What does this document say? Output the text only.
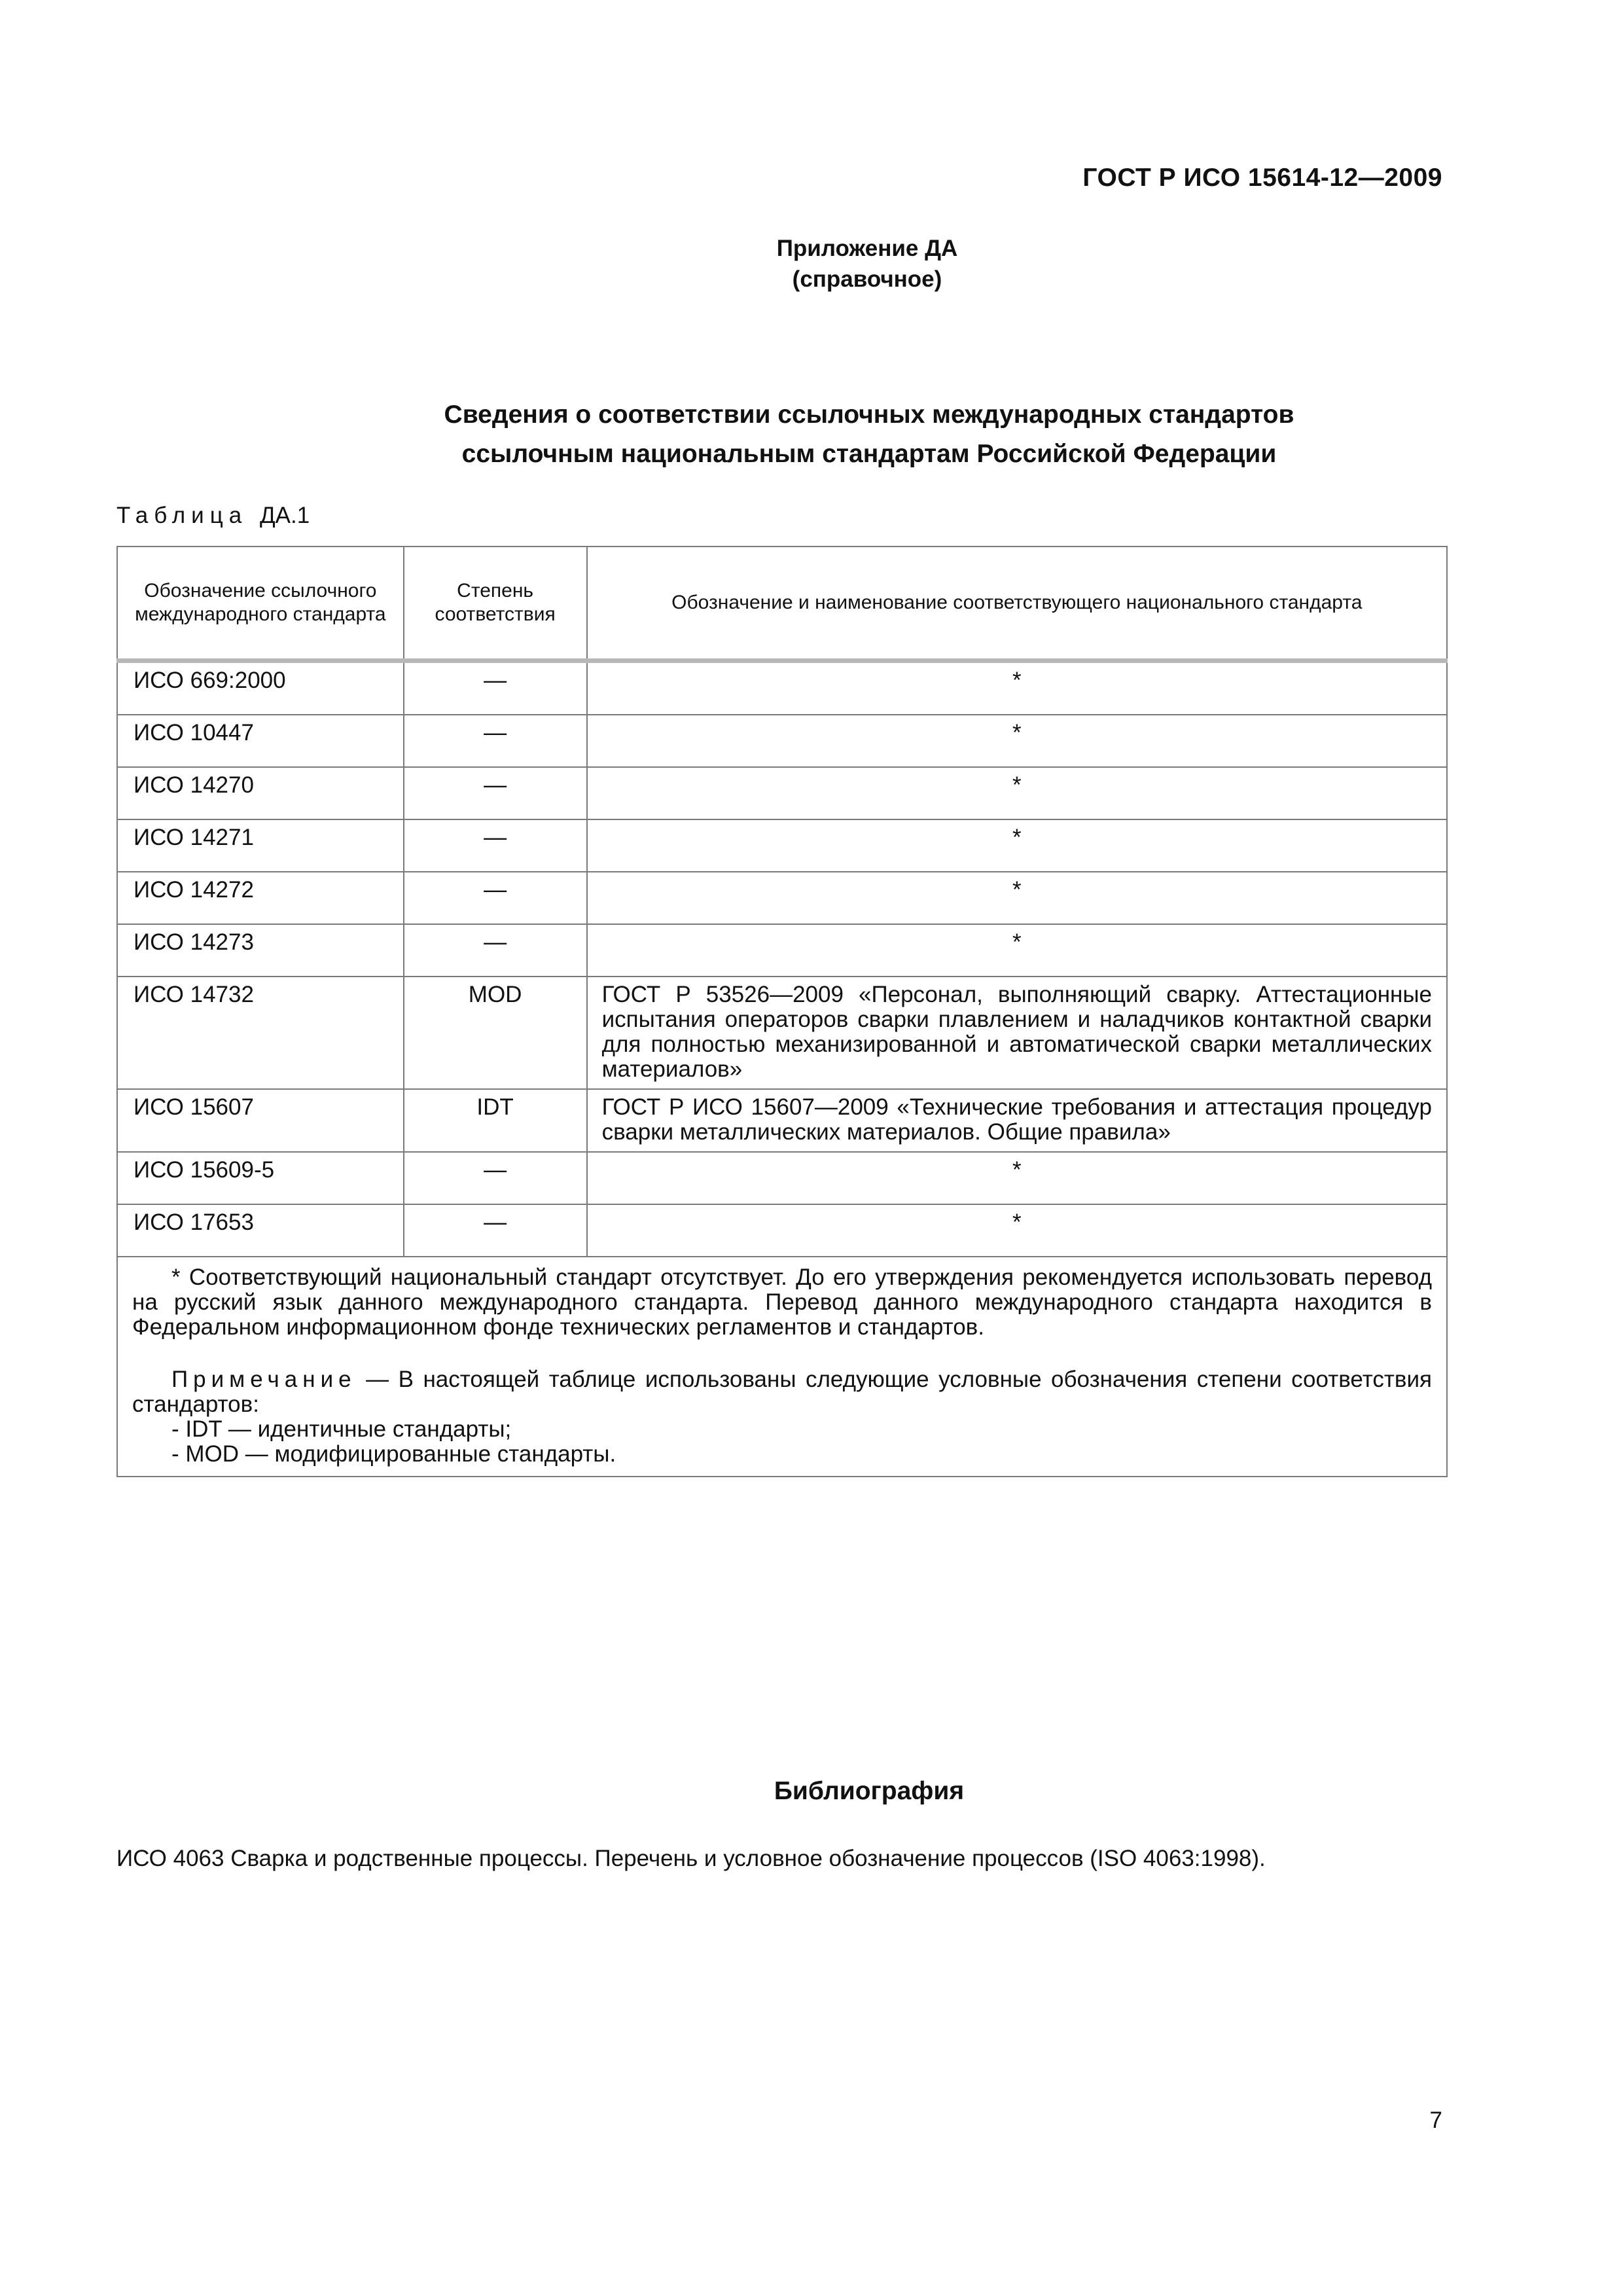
ГОСТ Р ИСО 15614-12—2009
Приложение ДА
(справочное)
Сведения о соответствии ссылочных международных стандартов
ссылочным национальным стандартам Российской Федерации
Таблица ДА.1
Обозначение ссылочного международного стандарта	Степень соответствия	Обозначение и наименование соответствующего национального стандарта
ИСО 669:2000	—	*
ИСО 10447	—	*
ИСО 14270	—	*
ИСО 14271	—	*
ИСО 14272	—	*
ИСО 14273	—	*
ИСО 14732	MOD	ГОСТ Р 53526—2009 «Персонал, выполняющий сварку. Аттестационные испытания операторов сварки плавлением и наладчиков контактной сварки для полностью механизированной и автоматической сварки металлических материалов»
ИСО 15607	IDT	ГОСТ Р ИСО 15607—2009 «Технические требования и аттестация процедур сварки металлических материалов. Общие правила»
ИСО 15609-5	—	*
ИСО 17653	—	*

* Соответствующий национальный стандарт отсутствует. До его утверждения рекомендуется использовать перевод на русский язык данного международного стандарта. Перевод данного международного стандарта находится в Федеральном информационном фонде технических регламентов и стандартов.
Примечание — В настоящей таблице использованы следующие условные обозначения степени соответствия стандартов:
- IDT — идентичные стандарты;
- MOD — модифицированные стандарты.		
Библиография
ИСО 4063 Сварка и родственные процессы. Перечень и условное обозначение процессов (ISO 4063:1998).
7
